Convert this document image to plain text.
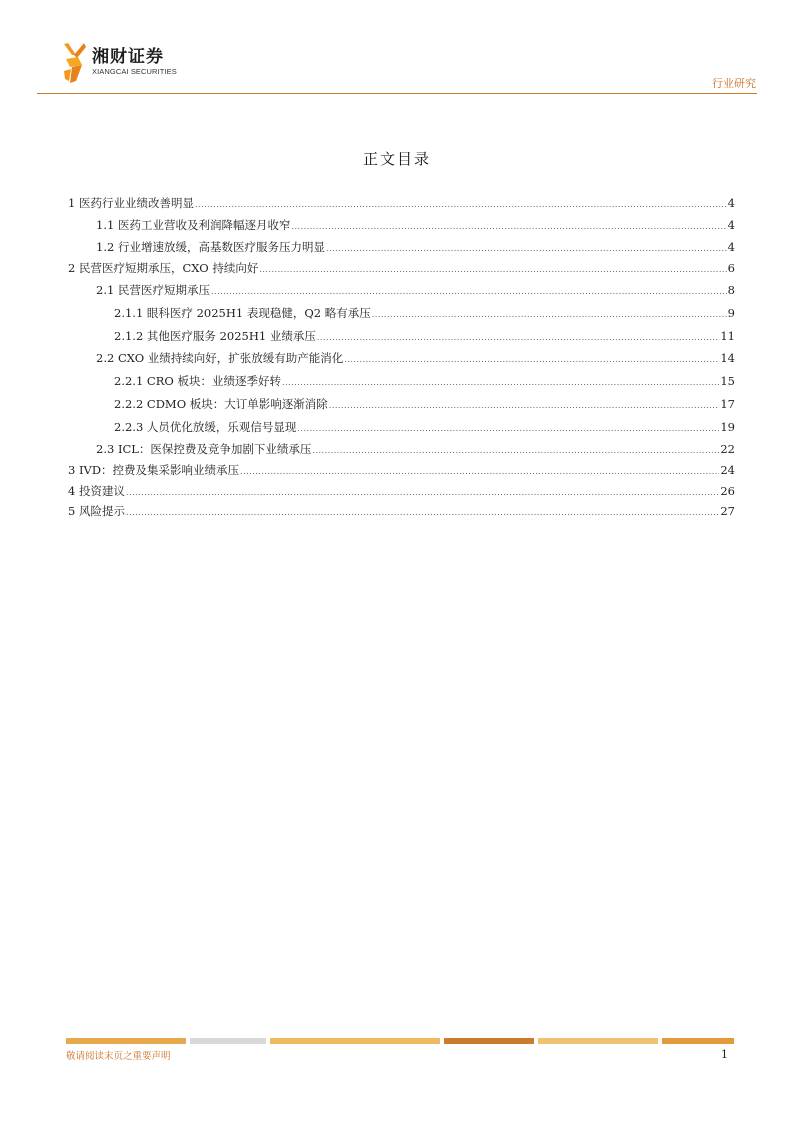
湘财证券
XIANGCAI SECURITIES
行业研究
正文目录
1 医药行业业绩改善明显 .....	4
1.1 医药工业营收及利润降幅逐月收窄 .....	4
1.2 行业增速放缓，高基数医疗服务压力明显 .....	4
2 民营医疗短期承压，CXO 持续向好 .....	6
2.1 民营医疗短期承压 .....	8
2.1.1 眼科医疗 2025H1 表现稳健，Q2 略有承压 .....	9
2.1.2 其他医疗服务 2025H1 业绩承压 .....	11
2.2 CXO 业绩持续向好，扩张放缓有助产能消化 .....	14
2.2.1 CRO 板块：业绩逐季好转 .....	15
2.2.2 CDMO 板块：大订单影响逐渐消除 .....	17
2.2.3 人员优化放缓，乐观信号显现 .....	19
2.3 ICL：医保控费及竞争加剧下业绩承压 .....	22
3 IVD：控费及集采影响业绩承压 .....	24
4 投资建议 .....	26
5 风险提示 .....	27
敬请阅读末页之重要声明	1
